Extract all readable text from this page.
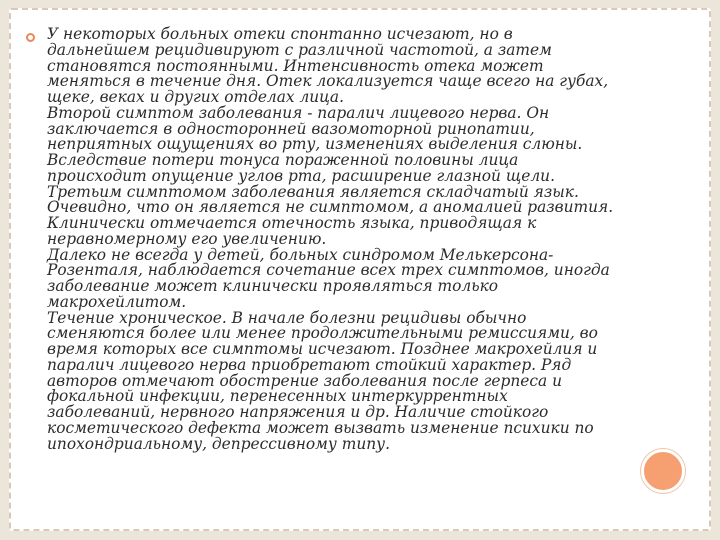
У некоторых больных отеки спонтанно исчезают, но в
дальнейшем рецидивируют с различной частотой, а затем
становятся постоянными. Интенсивность отека может
меняться в течение дня. Отек локализуется чаще всего на губах,
щеке, веках и других отделах лица.
Второй симптом заболевания - паралич лицевого нерва. Он
заключается в односторонней вазомоторной ринопатии,
неприятных ощущениях во рту, изменениях выделения слюны.
Вследствие потери тонуса пораженной половины лица
происходит опущение углов рта, расширение глазной щели.
Третьим симптомом заболевания является складчатый язык.
Очевидно, что он является не симптомом, а аномалией развития.
Клинически отмечается отечность языка, приводящая к
неравномерному его увеличению.
Далеко не всегда у детей, больных синдромом Мелькерсона-
Розенталя, наблюдается сочетание всех трех симптомов, иногда
заболевание может клинически проявляться только
макрохейлитом.
Течение хроническое. В начале болезни рецидивы обычно
сменяются более или менее продолжительными ремиссиями, во
время которых все симптомы исчезают. Позднее макрохейлия и
паралич лицевого нерва приобретают стойкий характер. Ряд
авторов отмечают обострение заболевания после герпеса и
фокальной инфекции, перенесенных интеркуррентных
заболеваний, нервного напряжения и др. Наличие стойкого
косметического дефекта может вызвать изменение психики по
ипохондриальному, депрессивному типу.
